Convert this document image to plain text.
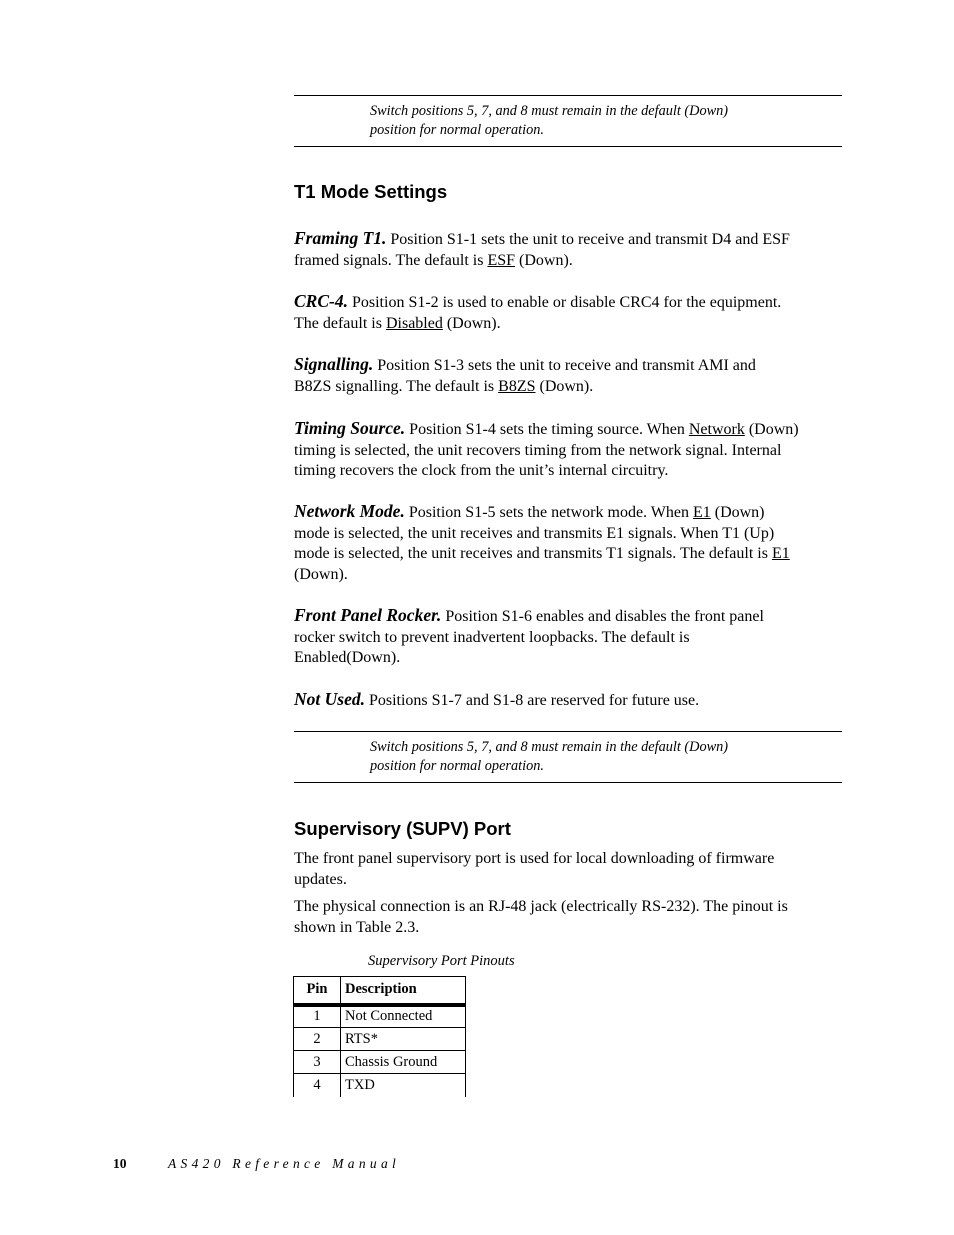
Switch positions 5, 7, and 8 must remain in the default (Down)
position for normal operation.
T1 Mode Settings

Framing T1. Position S1-1 sets the unit to receive and transmit D4 and ESF
framed signals. The default is ESF (Down).

CRC-4. Position S1-2 is used to enable or disable CRC4 for the equipment.
The default is Disabled (Down).

Signalling. Position S1-3 sets the unit to receive and transmit AMI and
B8ZS signalling. The default is B8ZS (Down).

Timing Source. Position S1-4 sets the timing source. When Network (Down)
timing is selected, the unit recovers timing from the network signal. Internal
timing recovers the clock from the unit’s internal circuitry.

Network Mode. Position S1-5 sets the network mode. When E1 (Down)
mode is selected, the unit receives and transmits E1 signals. When T1 (Up)
mode is selected, the unit receives and transmits T1 signals. The default is E1
(Down).

Front Panel Rocker. Position S1-6 enables and disables the front panel
rocker switch to prevent inadvertent loopbacks. The default is
Enabled(Down).

Not Used. Positions S1-7 and S1-8 are reserved for future use.

Switch positions 5, 7, and 8 must remain in the default (Down)
position for normal operation.
Supervisory (SUPV) Port

The front panel supervisory port is used for local downloading of firmware
updates.

The physical connection is an RJ-48 jack (electrically RS-232). The pinout is
shown in Table 2.3.

Supervisory Port Pinouts
Pin	Description
1	Not Connected
2	RTS*
3	Chassis Ground
4	TXD
10	AS420 Reference Manual
